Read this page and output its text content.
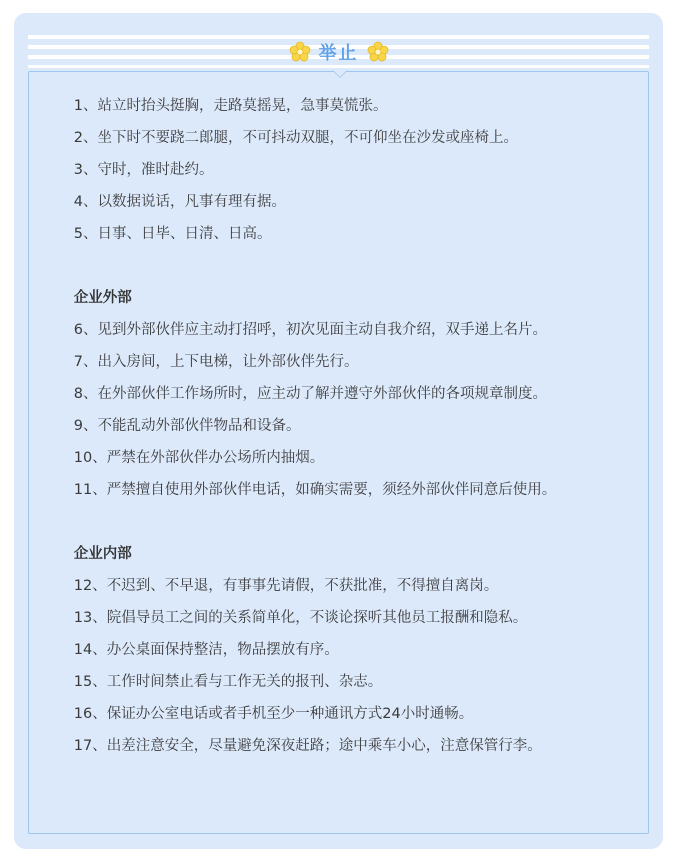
举止

1、站立时抬头挺胸，走路莫摇晃，急事莫慌张。

2、坐下时不要跷二郎腿，不可抖动双腿，不可仰坐在沙发或座椅上。

3、守时，准时赴约。

4、以数据说话，凡事有理有据。

5、日事、日毕、日清、日高。

企业外部

6、见到外部伙伴应主动打招呼，初次见面主动自我介绍，双手递上名片。

7、出入房间，上下电梯，让外部伙伴先行。

8、在外部伙伴工作场所时，应主动了解并遵守外部伙伴的各项规章制度。

9、不能乱动外部伙伴物品和设备。

10、严禁在外部伙伴办公场所内抽烟。

11、严禁擅自使用外部伙伴电话，如确实需要，须经外部伙伴同意后使用。

企业内部

12、不迟到、不早退，有事事先请假，不获批准，不得擅自离岗。

13、院倡导员工之间的关系简单化，不谈论探听其他员工报酬和隐私。

14、办公桌面保持整洁，物品摆放有序。

15、工作时间禁止看与工作无关的报刊、杂志。

16、保证办公室电话或者手机至少一种通讯方式24小时通畅。

17、出差注意安全，尽量避免深夜赶路；途中乘车小心，注意保管行李。
